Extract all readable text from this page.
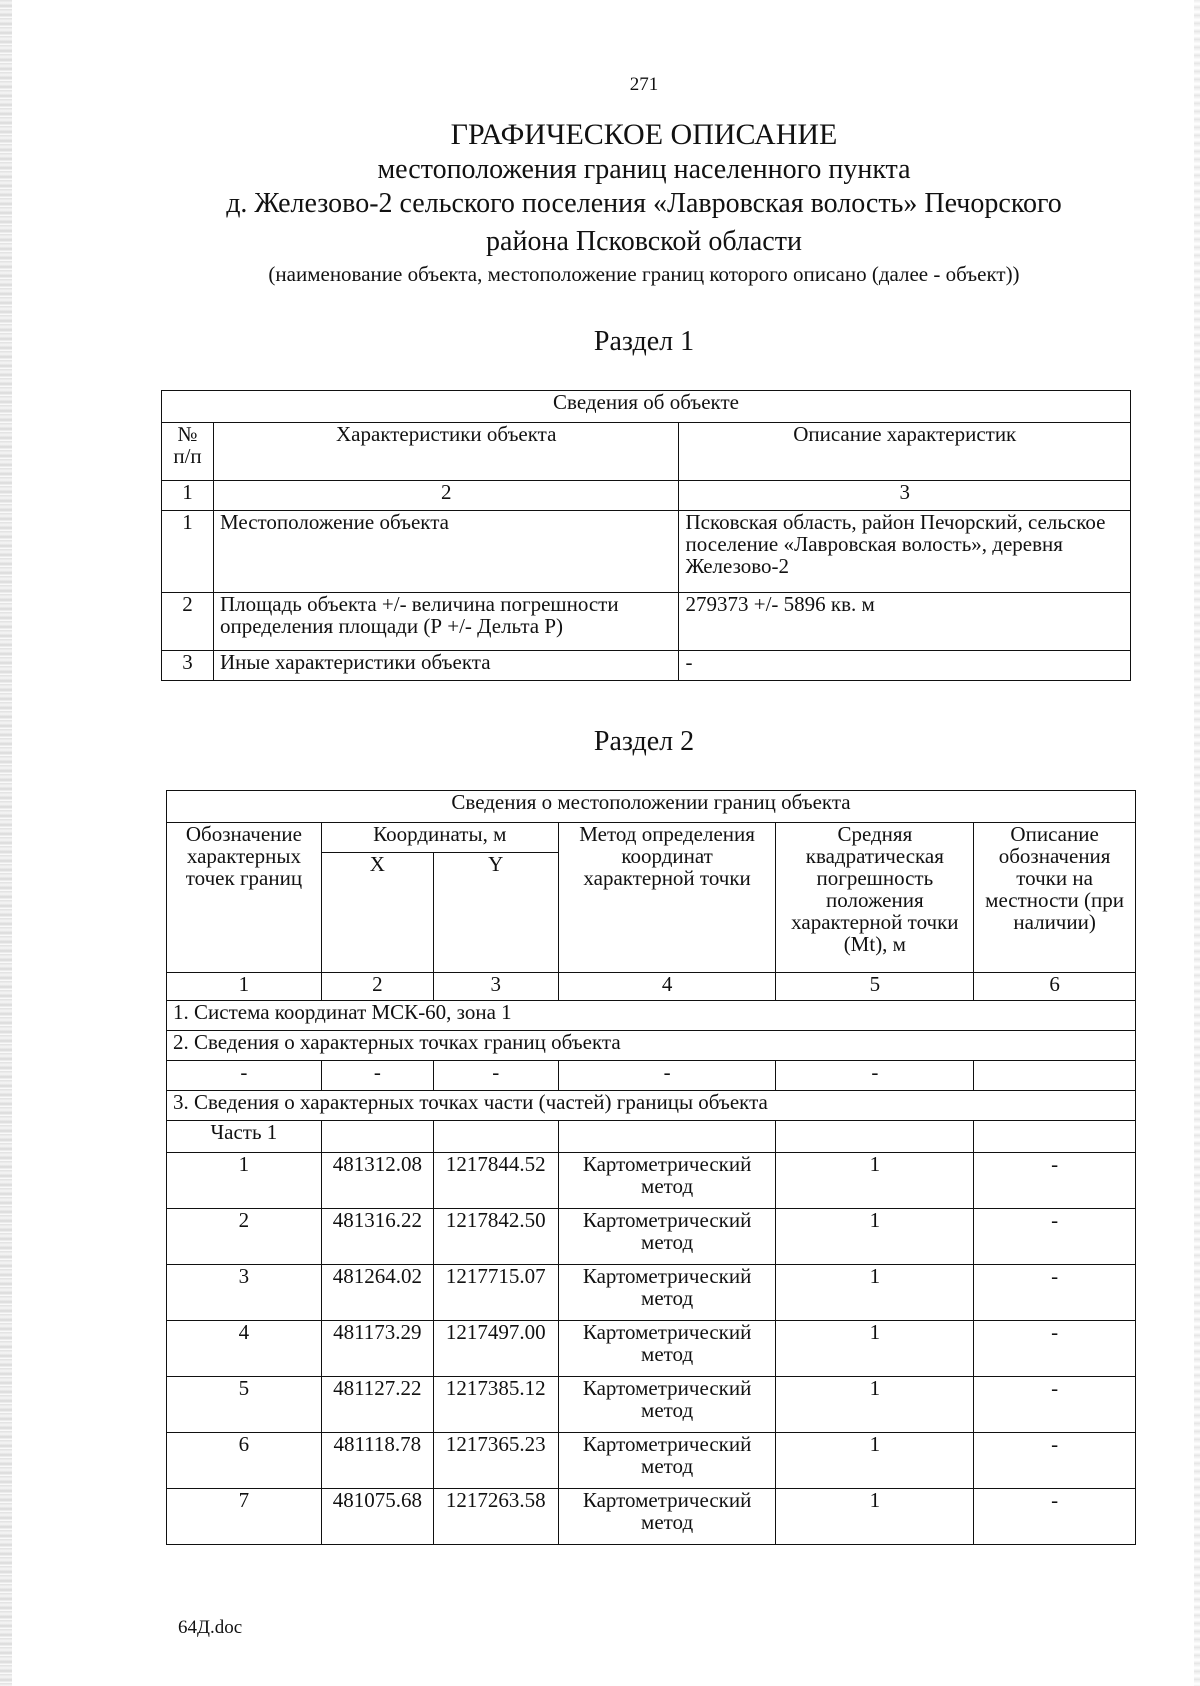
271
ГРАФИЧЕСКОЕ ОПИСАНИЕ
местоположения границ населенного пункта
д. Железово-2 сельского поселения «Лавровская волость» Печорского
района Псковской области
(наименование объекта, местоположение границ которого описано (далее - объект))
Раздел 1
Сведения об объекте		
№
п/п	Характеристики объекта	Описание характеристик
1	2	3
1	Местоположение объекта	Псковская область, район Печорский, сельское поселение «Лавровская волость», деревня Железово-2
2	Площадь объекта +/- величина погрешности определения площади (Р +/- Дельта Р)	279373 +/- 5896 кв. м
3	Иные характеристики объекта	-
Раздел 2
Сведения о местоположении границ объекта					
Обозначение характерных точек границ	Координаты, м		Метод определения координат характерной точки	Средняя квадратическая погрешность положения характерной точки (Mt), м	Описание обозначения точки на местности (при наличии)
	X	Y			
1	2	3	4	5	6
1. Система координат МСК-60, зона 1					
2. Сведения о характерных точках границ объекта					
-	-	-	-	-	
3. Сведения о характерных точках части (частей) границы объекта					
Часть 1					
1	481312.08	1217844.52	Картометрический метод	1	-
2	481316.22	1217842.50	Картометрический метод	1	-
3	481264.02	1217715.07	Картометрический метод	1	-
4	481173.29	1217497.00	Картометрический метод	1	-
5	481127.22	1217385.12	Картометрический метод	1	-
6	481118.78	1217365.23	Картометрический метод	1	-
7	481075.68	1217263.58	Картометрический метод	1	-
64Д.doc
